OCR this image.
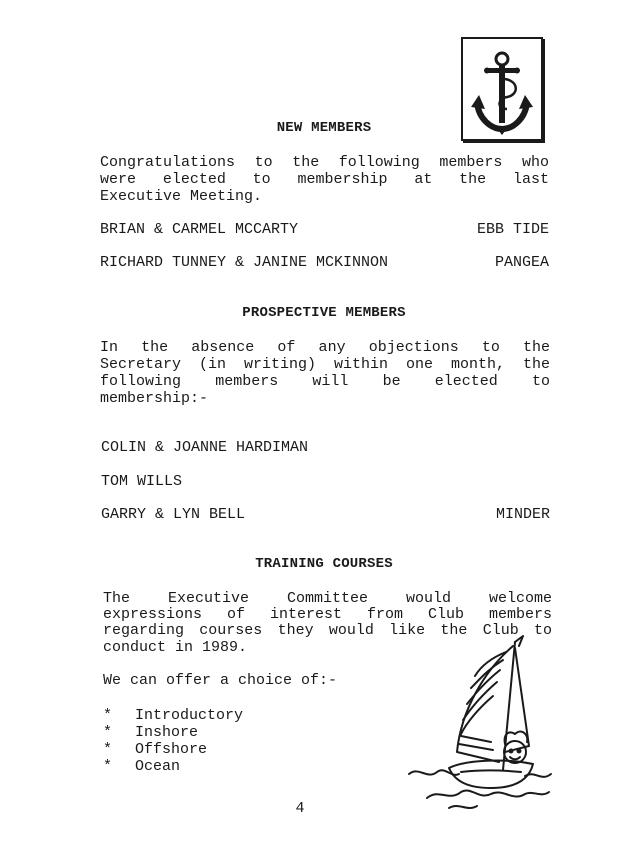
NEW MEMBERS
Congratulations to the following members who
were elected to membership at the last
Executive Meeting.
BRIAN & CARMEL MCCARTY	EBB TIDE
RICHARD TUNNEY & JANINE MCKINNON	PANGEA
PROSPECTIVE MEMBERS
In the absence of any objections to the
Secretary (in writing) within one month, the
following members will be elected to
membership:-
COLIN & JOANNE HARDIMAN
TOM WILLS
GARRY & LYN BELL	MINDER
TRAINING COURSES
The Executive Committee would welcome
expressions of interest from Club members
regarding courses they would like the Club to
conduct in 1989.
We can offer a choice of:-
* Introductory
* Inshore
* Offshore
* Ocean
4
